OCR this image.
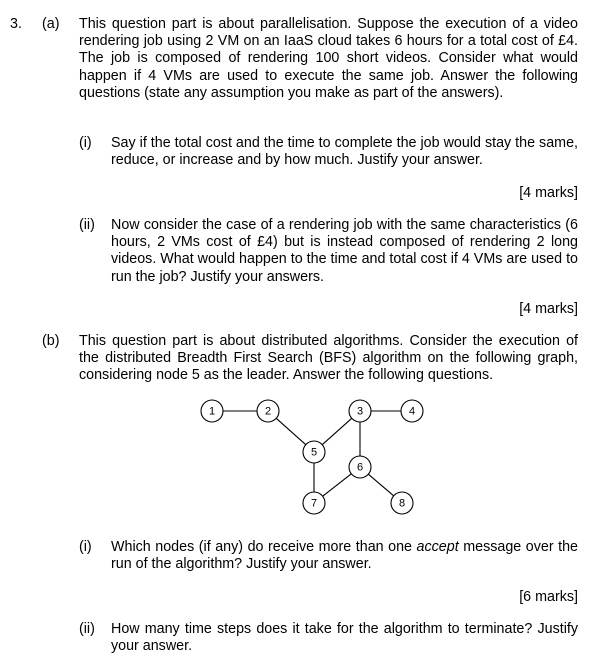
3. (a) This question part is about parallelisation. Suppose the execution of a video rendering job using 2 VM on an IaaS cloud takes 6 hours for a total cost of £4. The job is composed of rendering 100 short videos. Consider what would happen if 4 VMs are used to execute the same job. Answer the following questions (state any assumption you make as part of the answers).

(i) Say if the total cost and the time to complete the job would stay the same, reduce, or increase and by how much. Justify your answer.

[4 marks]
(ii) Now consider the case of a rendering job with the same characteristics (6 hours, 2 VMs cost of £4) but is instead composed of rendering 2 long videos. What would happen to the time and total cost if 4 VMs are used to run the job? Justify your answers.

[4 marks]
(b) This question part is about distributed algorithms. Consider the execution of the distributed Breadth First Search (BFS) algorithm on the following graph, considering node 5 as the leader. Answer the following questions.

1	2	3	4
5
6
7	8
(i) Which nodes (if any) do receive more than one accept message over the run of the algorithm? Justify your answer.

[6 marks]
(ii) How many time steps does it take for the algorithm to terminate? Justify your answer.
